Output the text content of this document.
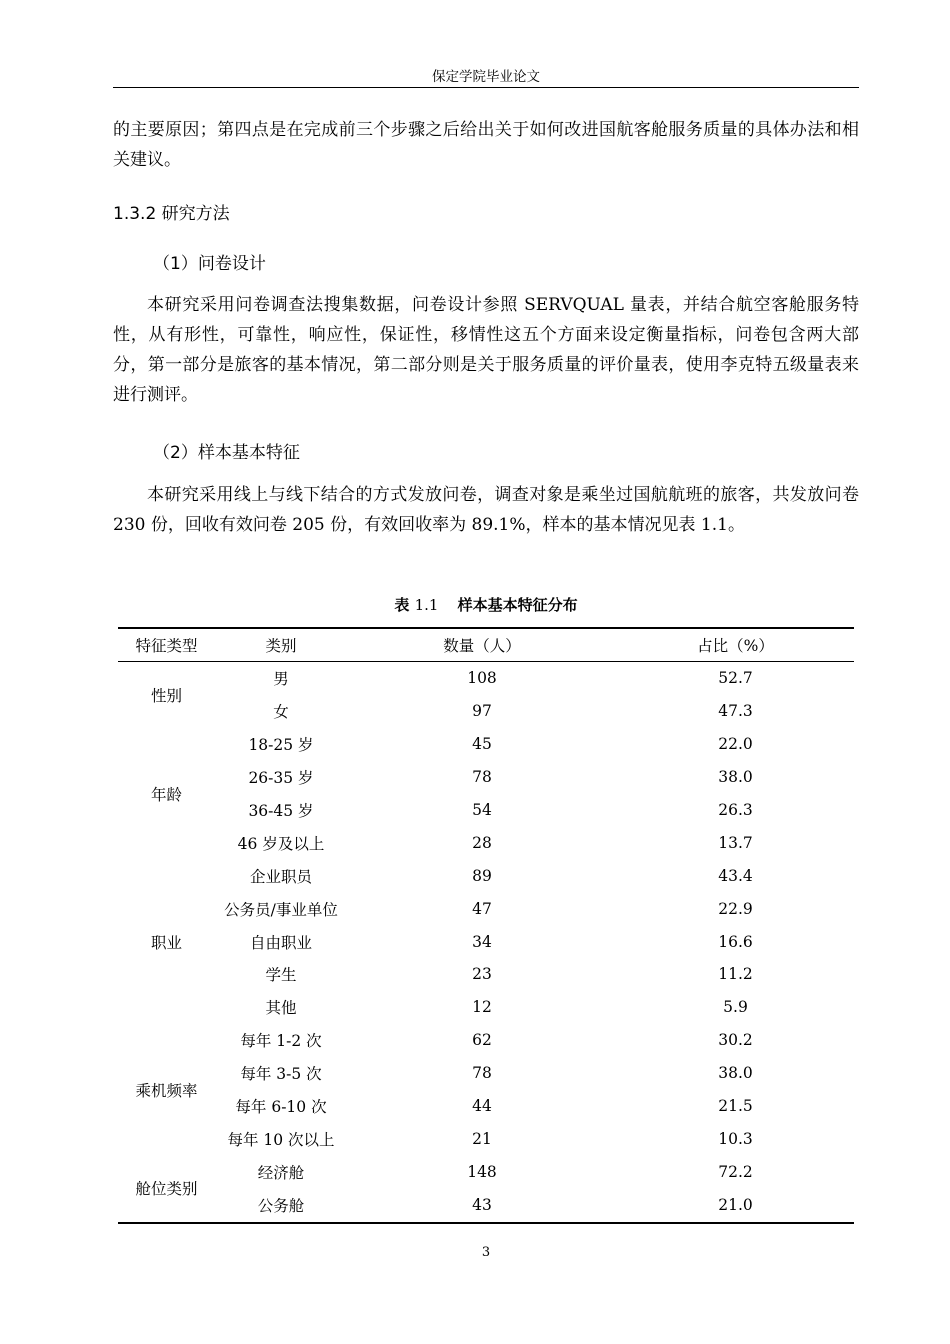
保定学院毕业论文
的主要原因；第四点是在完成前三个步骤之后给出关于如何改进国航客舱服务质量的具体办法和相关建议。
1.3.2 研究方法
（1）问卷设计
本研究采用问卷调查法搜集数据，问卷设计参照 SERVQUAL 量表，并结合航空客舱服务特性，从有形性，可靠性，响应性，保证性，移情性这五个方面来设定衡量指标，问卷包含两大部分，第一部分是旅客的基本情况，第二部分则是关于服务质量的评价量表，使用李克特五级量表来进行测评。
（2）样本基本特征
本研究采用线上与线下结合的方式发放问卷，调查对象是乘坐过国航航班的旅客，共发放问卷 230 份，回收有效问卷 205 份，有效回收率为 89.1%，样本的基本情况见表 1.1。
表 1.1 样本基本特征分布
特征类型	类别	数量（人）	占比（%）
性别	男	108	52.7
	女	97	47.3
年龄	18-25 岁	45	22.0
	26-35 岁	78	38.0
	36-45 岁	54	26.3
	46 岁及以上	28	13.7
职业	企业职员	89	43.4
	公务员/事业单位	47	22.9
	自由职业	34	16.6
	学生	23	11.2
	其他	12	5.9
乘机频率	每年 1-2 次	62	30.2
	每年 3-5 次	78	38.0
	每年 6-10 次	44	21.5
	每年 10 次以上	21	10.3
舱位类别	经济舱	148	72.2
	公务舱	43	21.0
3
